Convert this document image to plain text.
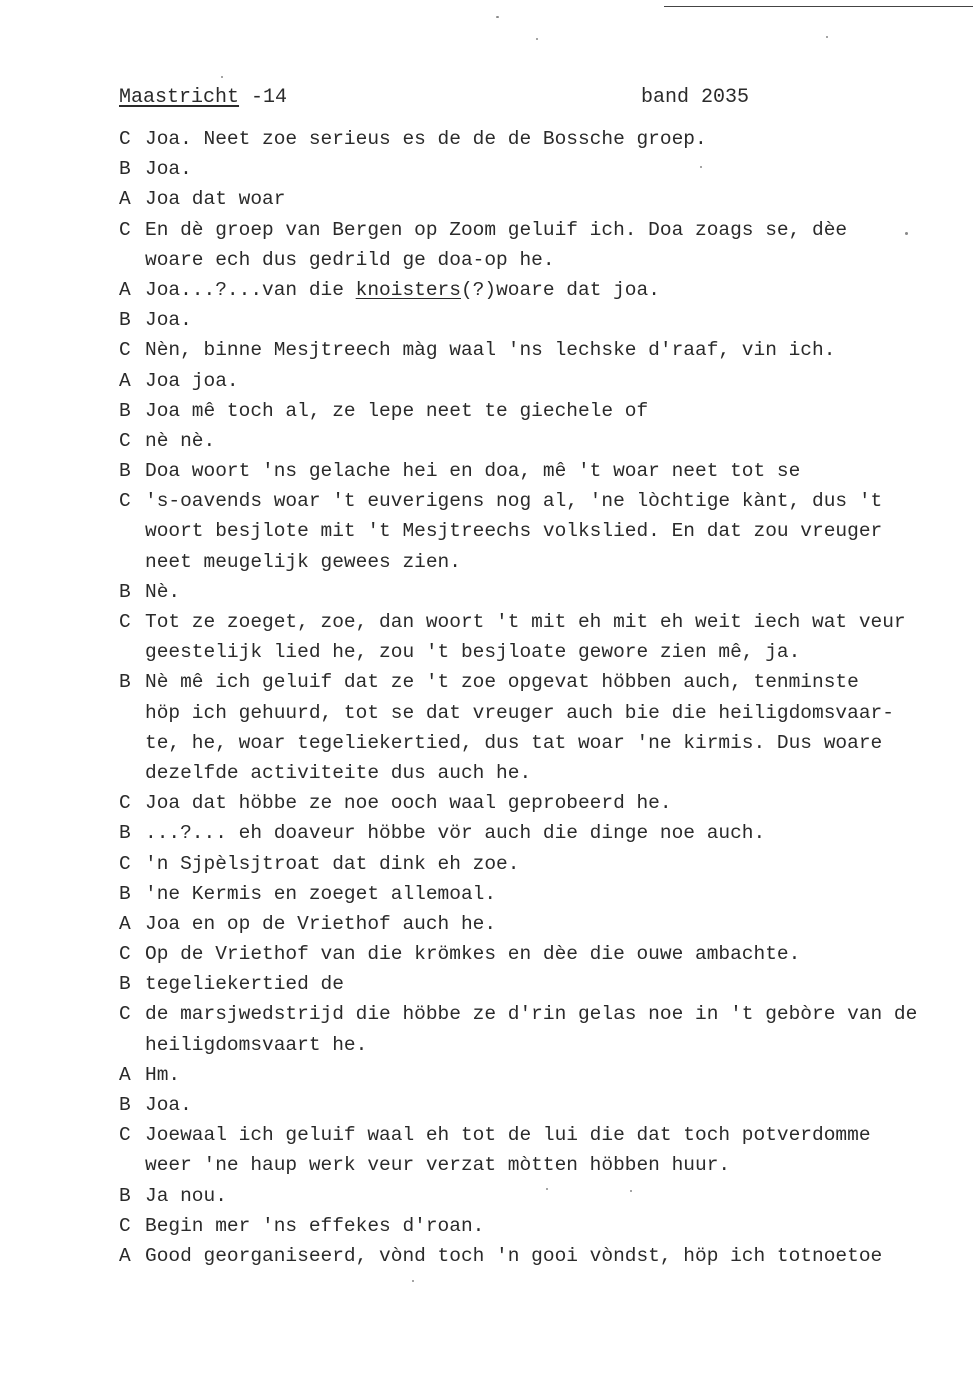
Maastricht -14	band 2035
C Joa. Neet zoe serieus es de de de Bossche groep.
B Joa.
A Joa dat woar
C En dè groep van Bergen op Zoom geluif ich. Doa zoags se, dèe
woare ech dus gedrild ge doa-op he.
A Joa...?...van die knoisters(?)woare dat joa.
B Joa.
C Nèn, binne Mesjtreech màg waal 'ns lechske d'raaf, vin ich.
A Joa joa.
B Joa mê toch al, ze lepe neet te giechele of
C nè nè.
B Doa woort 'ns gelache hei en doa, mê 't woar neet tot se
C 's-oavends woar 't euverigens nog al, 'ne lòchtige kànt, dus 't
woort besjlote mit 't Mesjtreechs volkslied. En dat zou vreuger
neet meugelijk gewees zien.
B Nè.
C Tot ze zoeget, zoe, dan woort 't mit eh mit eh weit iech wat veur
geestelijk lied he, zou 't besjloate gewore zien mê, ja.
B Nè mê ich geluif dat ze 't zoe opgevat höbben auch, tenminste
höp ich gehuurd, tot se dat vreuger auch bie die heiligdomsvaar-
te, he, woar tegeliekertied, dus tat woar 'ne kirmis. Dus woare
dezelfde activiteite dus auch he.
C Joa dat höbbe ze noe ooch waal geprobeerd he.
B ...?... eh doaveur höbbe vör auch die dinge noe auch.
C 'n Sjpèlsjtroat dat dink eh zoe.
B 'ne Kermis en zoeget allemoal.
A Joa en op de Vriethof auch he.
C Op de Vriethof van die krömkes en dèe die ouwe ambachte.
B tegeliekertied de
C de marsjwedstrijd die höbbe ze d'rin gelas noe in 't gebòre van de
heiligdomsvaart he.
A Hm.
B Joa.
C Joewaal ich geluif waal eh tot de lui die dat toch potverdomme
weer 'ne haup werk veur verzat mòtten höbben huur.
B Ja nou.
C Begin mer 'ns effekes d'roan.
A Good georganiseerd, vònd toch 'n gooi vòndst, höp ich totnoetoe
